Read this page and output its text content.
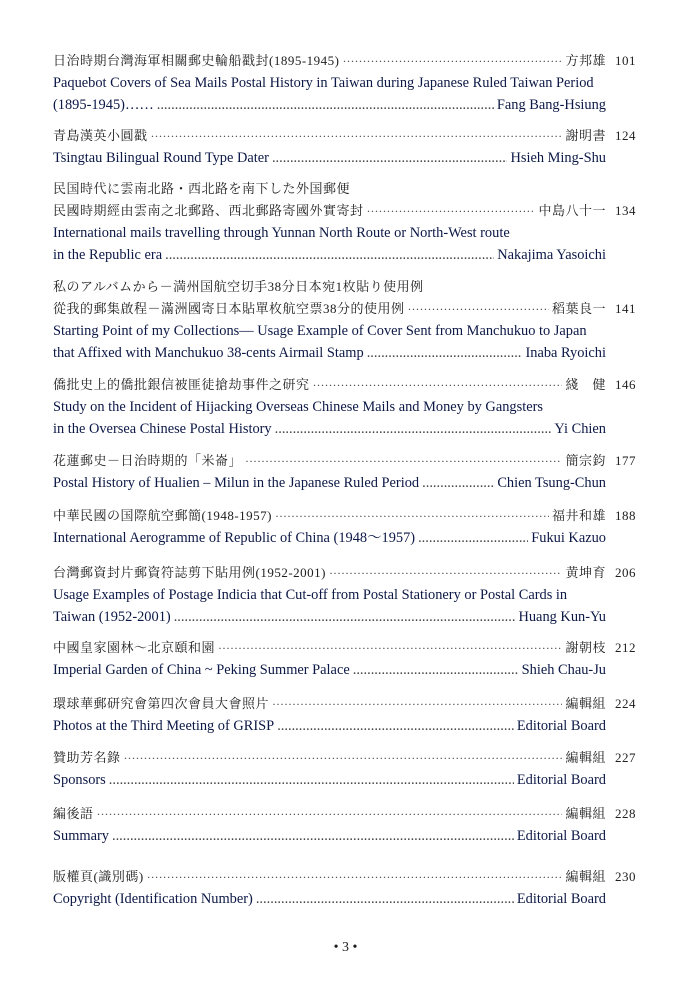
日治時期台灣海軍相關郵史輪船戳封(1895-1945) ·····	方邦雄 101
Paquebot Covers of Sea Mails Postal History in Taiwan during Japanese Ruled Taiwan Period
(1895-1945)…… .....	Fang Bang-Hsiung
青島漢英小圓戳 ·····	謝明書 124
Tsingtau Bilingual Round Type Dater .....	Hsieh Ming-Shu
民国時代に雲南北路・西北路を南下した外国郵便
民國時期經由雲南之北郵路、西北郵路寄國外實寄封 ·····	中島八十一 134
International mails travelling through Yunnan North Route or North-West route
in the Republic era .....	Nakajima Yasoichi
私のアルバムから－満州国航空切手38分日本宛1枚貼り使用例
從我的郵集啟程－滿洲國寄日本貼單枚航空票38分的使用例 ·····	稻葉良一 141
Starting Point of my Collections— Usage Example of Cover Sent from Manchukuo to Japan
that Affixed with Manchukuo 38-cents Airmail Stamp .....	Inaba Ryoichi
僑批史上的僑批銀信被匪徒搶劫事件之研究 ·····	綫　健 146
Study on the Incident of Hijacking Overseas Chinese Mails and Money by Gangsters
in the Oversea Chinese Postal History .....	Yi Chien
花蓮郵史－日治時期的「米崙」 ·····	簡宗鈞 177
Postal History of Hualien – Milun in the Japanese Ruled Period .....	Chien Tsung-Chun
中華民國の国際航空郵簡(1948-1957) ·····	福井和雄 188
International Aerogramme of Republic of China (1948～1957) .....	Fukui Kazuo
台灣郵資封片郵資符誌剪下貼用例(1952-2001) ·····	黄坤育 206
Usage Examples of Postage Indicia that Cut-off from Postal Stationery or Postal Cards in
Taiwan (1952-2001) .....	Huang Kun-Yu
中國皇家園林～北京頤和園 ·····	謝朝枝 212
Imperial Garden of China ~ Peking Summer Palace .....	Shieh Chau-Ju
環球華郵研究會第四次會員大會照片 ·····	編輯組 224
Photos at the Third Meeting of GRISP .....	Editorial Board
贊助芳名錄 ·····	編輯組 227
Sponsors .....	Editorial Board
編後語 ·····	編輯組 228
Summary .....	Editorial Board
版權頁(識別碼) ·····	編輯組 230
Copyright (Identification Number) .....	Editorial Board
• 3 •
